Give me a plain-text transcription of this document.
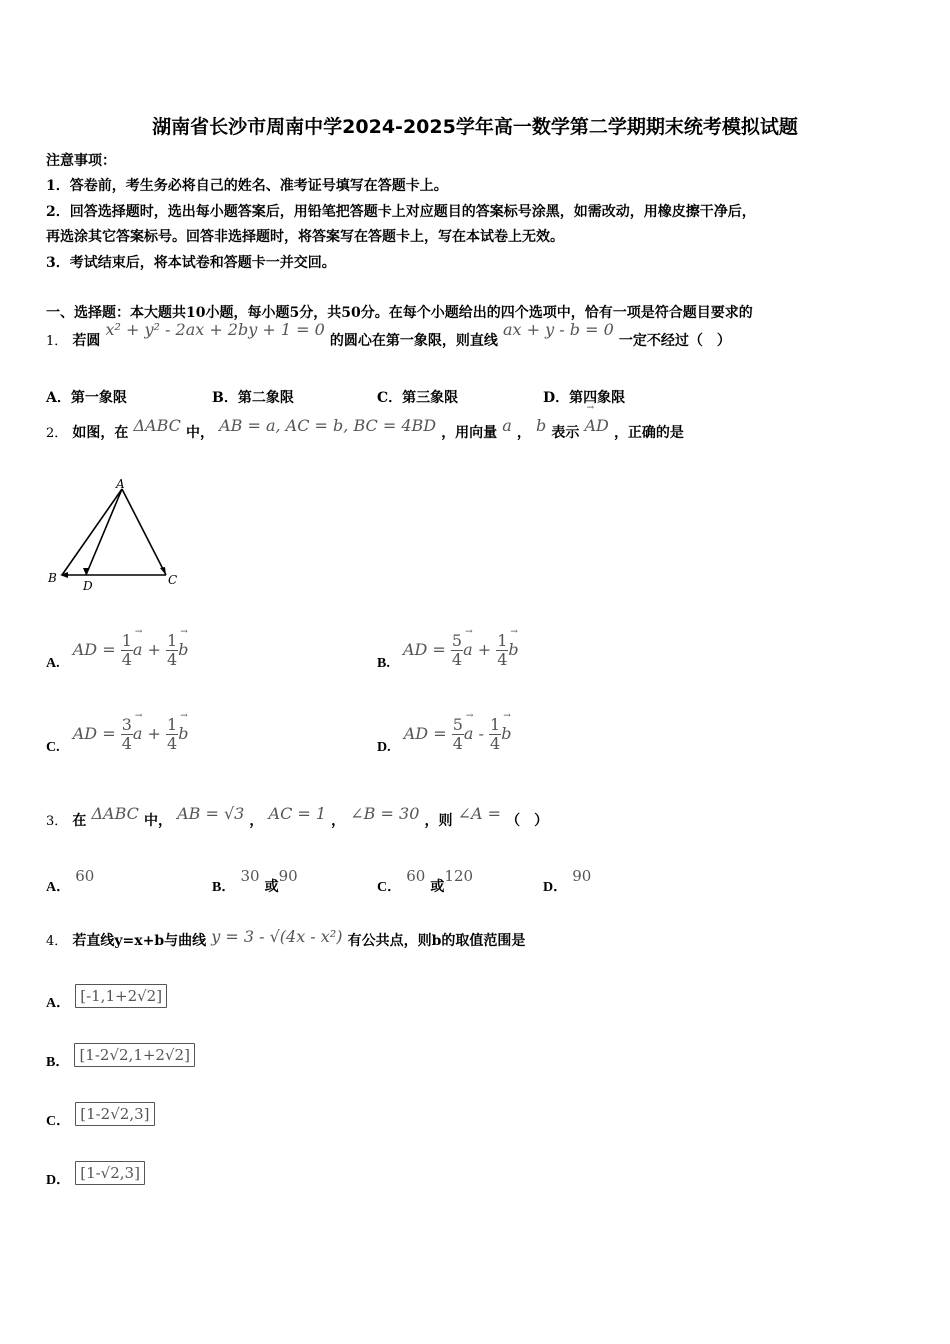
湖南省长沙市周南中学2024-2025学年高一数学第二学期期末统考模拟试题
注意事项：
1．答卷前，考生务必将自己的姓名、准考证号填写在答题卡上。
2．回答选择题时，选出每小题答案后，用铅笔把答题卡上对应题目的答案标号涂黑，如需改动，用橡皮擦干净后，
再选涂其它答案标号。回答非选择题时，将答案写在答题卡上，写在本试卷上无效。
3．考试结束后，将本试卷和答题卡一并交回。
一、选择题：本大题共10小题，每小题5分，共50分。在每个小题给出的四个选项中，恰有一项是符合题目要求的
1． 若圆 x² + y² - 2ax + 2by + 1 = 0 的圆心在第一象限，则直线 ax + y - b = 0 一定不经过（　）
A．第一象限	B．第二象限	C．第三象限	D．第四象限
2． 如图，在 ΔABC 中， AB = a, AC = b, BC = 4BD ，用向量 a ， b 表示 → AD ，正确的是
A
B
D	C
A. AD = $\frac{1}{4}$
→ $a + \frac{1}{4}$
→ b
B. AD = $\frac{5}{4}$
→ $a + \frac{1}{4}$
→ b
C. AD = $\frac{3}{4}$
→ $a + \frac{1}{4}$
→ b
D. AD = $\frac{5}{4}$
→ a - $\frac{1}{4}$
→ b
3． 在 ΔABC 中， AB = √3 ， AC = 1 ， ∠B = 30 ，则 ∠A = （　）
A． 60
B． 30 或90
C． 60 或120
D． 90
4． 若直线y=x+b与曲线 y = 3 - √(4x - x²) 有公共点，则b的取值范围是
A． [-1,1+2√2]
B． [1-2√2,1+2√2]
C． [1-2√2,3]
D． [1-√2,3]
